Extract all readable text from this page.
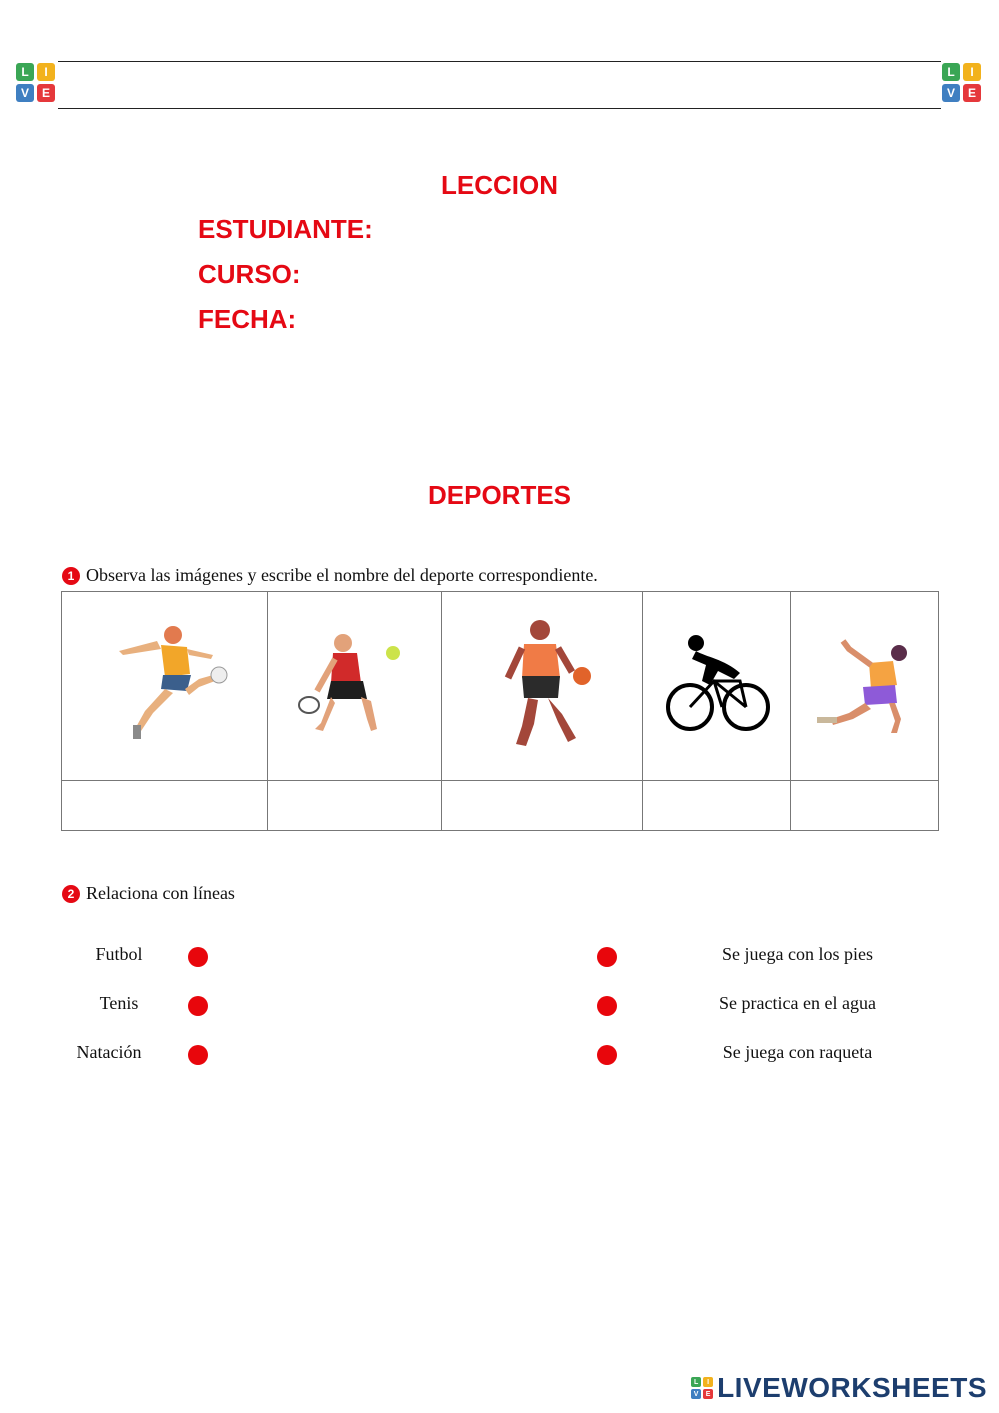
L	I
V	E
L	I
V	E
LECCION
ESTUDIANTE:
CURSO:
FECHA:
DEPORTES
1 Observa las imágenes y escribe el nombre del deporte correspondiente.

2 Relaciona con líneas
Futbol
Tenis
Natación
Se juega con los pies
Se practica en el agua
Se juega con raqueta
L	I
V	E LIVEWORKSHEETS
